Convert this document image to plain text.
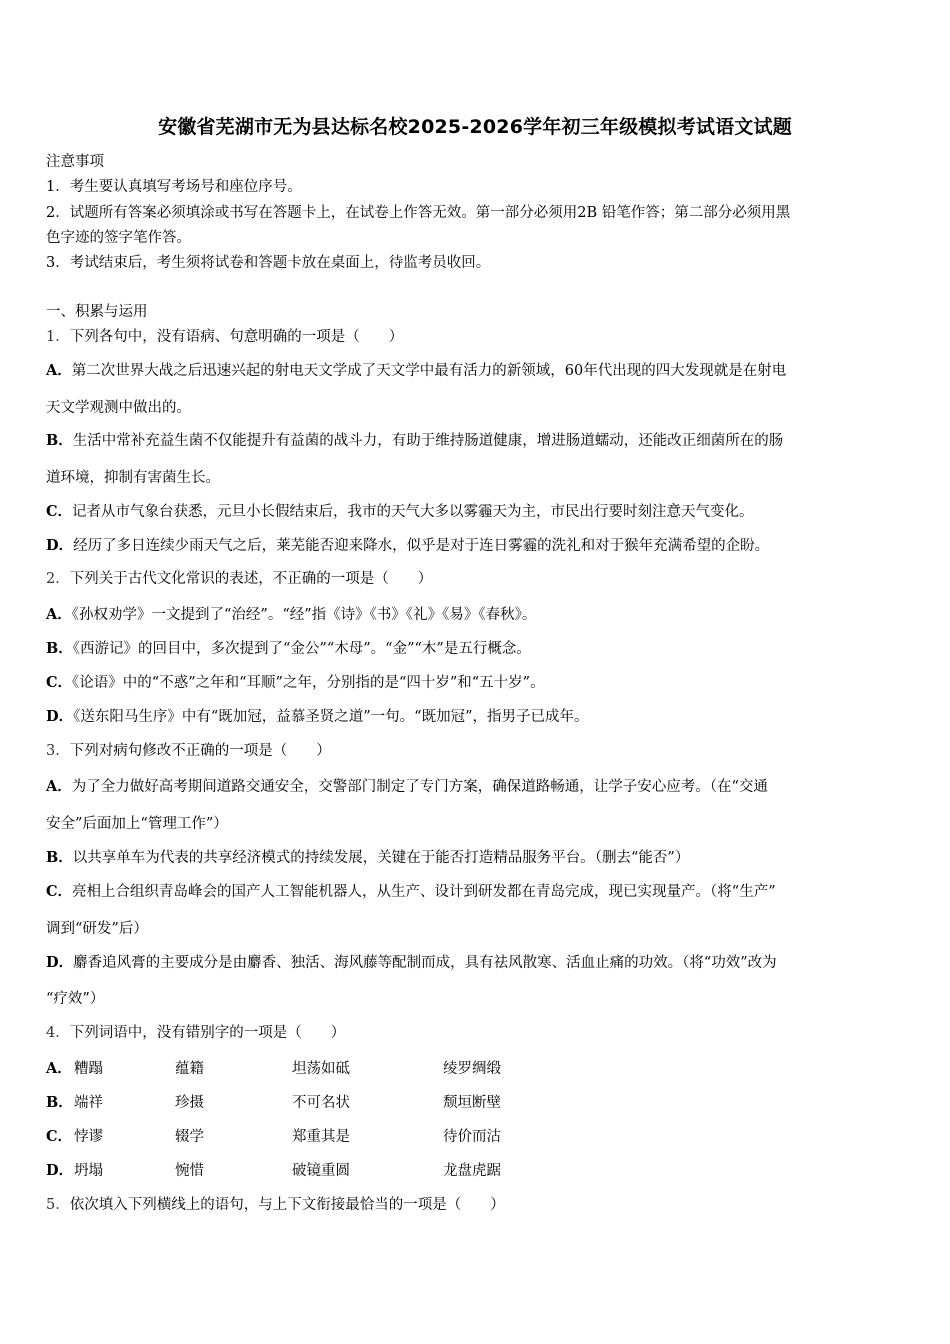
安徽省芜湖市无为县达标名校2025-2026学年初三年级模拟考试语文试题
注意事项
1．考生要认真填写考场号和座位序号。
2．试题所有答案必须填涂或书写在答题卡上，在试卷上作答无效。第一部分必须用2B 铅笔作答；第二部分必须用黑
色字迹的签字笔作答。
3．考试结束后，考生须将试卷和答题卡放在桌面上，待监考员收回。
一、积累与运用
1．下列各句中，没有语病、句意明确的一项是（　　）
A．第二次世界大战之后迅速兴起的射电天文学成了天文学中最有活力的新领域，60年代出现的四大发现就是在射电
天文学观测中做出的。
B．生活中常补充益生菌不仅能提升有益菌的战斗力，有助于维持肠道健康，增进肠道蠕动，还能改正细菌所在的肠
道环境，抑制有害菌生长。
C．记者从市气象台获悉，元旦小长假结束后，我市的天气大多以雾霾天为主，市民出行要时刻注意天气变化。
D．经历了多日连续少雨天气之后，莱芜能否迎来降水，似乎是对于连日雾霾的洗礼和对于猴年充满希望的企盼。
2．下列关于古代文化常识的表述，不正确的一项是（　　）
A．《孙权劝学》一文提到了“治经”。“经”指《诗》《书》《礼》《易》《春秋》。
B．《西游记》的回目中，多次提到了“金公”“木母”。“金”“木”是五行概念。
C．《论语》中的“不惑”之年和“耳顺”之年，分别指的是“四十岁”和“五十岁”。
D．《送东阳马生序》中有“既加冠，益慕圣贤之道”一句。“既加冠”，指男子已成年。
3．下列对病句修改不正确的一项是（　　）
A．为了全力做好高考期间道路交通安全，交警部门制定了专门方案，确保道路畅通，让学子安心应考。（在“交通
安全”后面加上“管理工作”）
B．以共享单车为代表的共享经济模式的持续发展，关键在于能否打造精品服务平台。（删去“能否”）
C．亮相上合组织青岛峰会的国产人工智能机器人，从生产、设计到研发都在青岛完成，现已实现量产。（将“生产”
调到“研发”后）
D．麝香追风膏的主要成分是由麝香、独活、海风藤等配制而成，具有祛风散寒、活血止痛的功效。（将“功效”改为
“疗效”）
4．下列词语中，没有错别字的一项是（　　）
A． 糟蹋	蕴籍	坦荡如砥	绫罗绸缎
B． 端祥	珍摄	不可名状	颓垣断壁
C． 悖谬	辍学	郑重其是	待价而沽
D． 坍塌	惋惜	破镜重圆	龙盘虎踞
5．依次填入下列横线上的语句，与上下文衔接最恰当的一项是（　　）
